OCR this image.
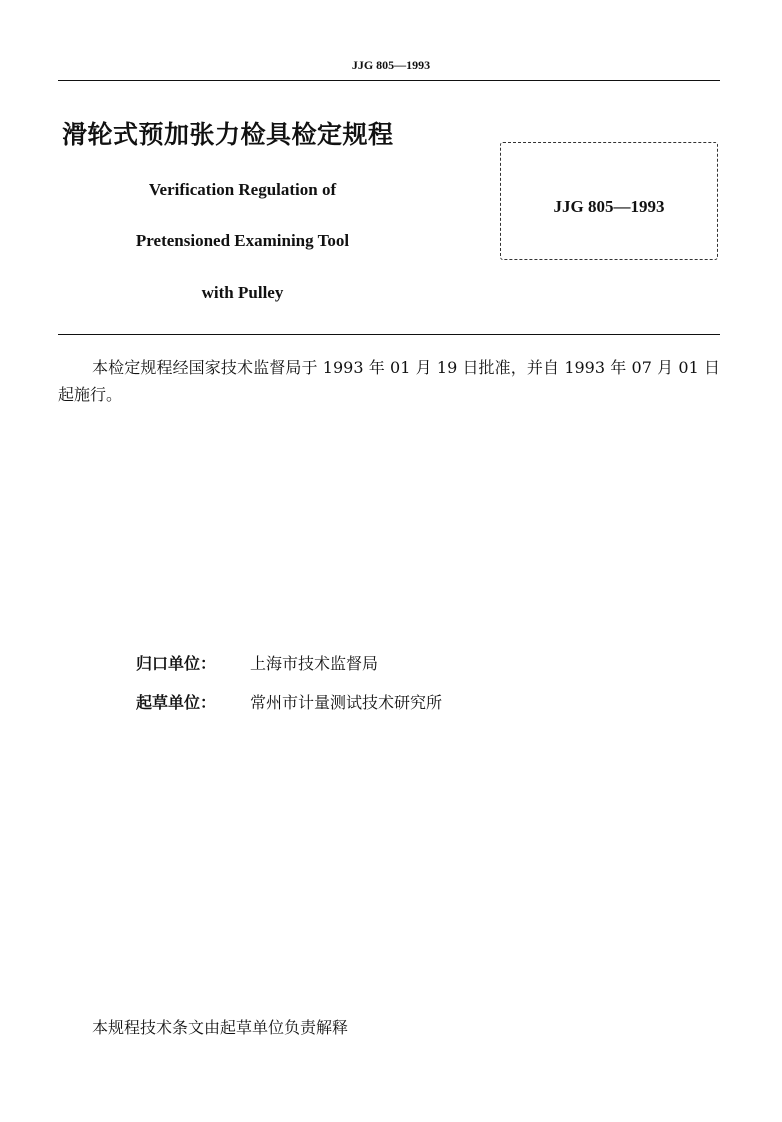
JJG 805—1993
滑轮式预加张力检具检定规程
Verification Regulation of
Pretensioned Examining Tool
with Pulley
JJG 805—1993
本检定规程经国家技术监督局于 1993 年 01 月 19 日批准，并自 1993 年 07 月 01 日起施行。
归口单位： 上海市技术监督局
起草单位： 常州市计量测试技术研究所
本规程技术条文由起草单位负责解释
